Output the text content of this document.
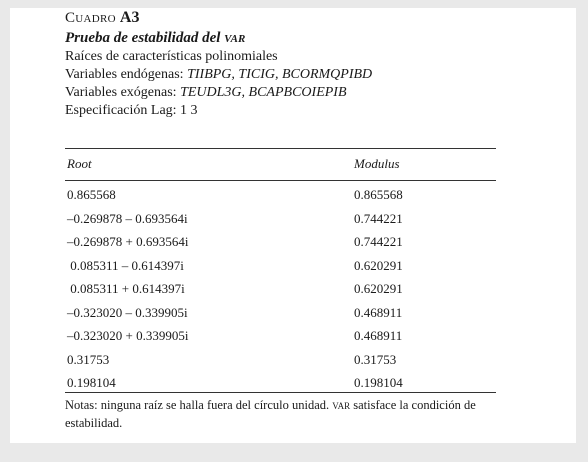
Cuadro A3
Prueba de estabilidad del var
Raíces de características polinomiales
Variables endógenas: TIIBPG, TICIG, BCORMQPIBD
Variables exógenas: TEUDL3G, BCAPBCOIEPIB
Especificación Lag: 1 3
Root	Modulus
0.865568	0.865568
–0.269878 – 0.693564i	0.744221
–0.269878 + 0.693564i	0.744221
0.085311 – 0.614397i	0.620291
0.085311 + 0.614397i	0.620291
–0.323020 – 0.339905i	0.468911
–0.323020 + 0.339905i	0.468911
0.31753	0.31753
0.198104	0.198104
Notas: ninguna raíz se halla fuera del círculo unidad. var satisface la condición de estabilidad.
